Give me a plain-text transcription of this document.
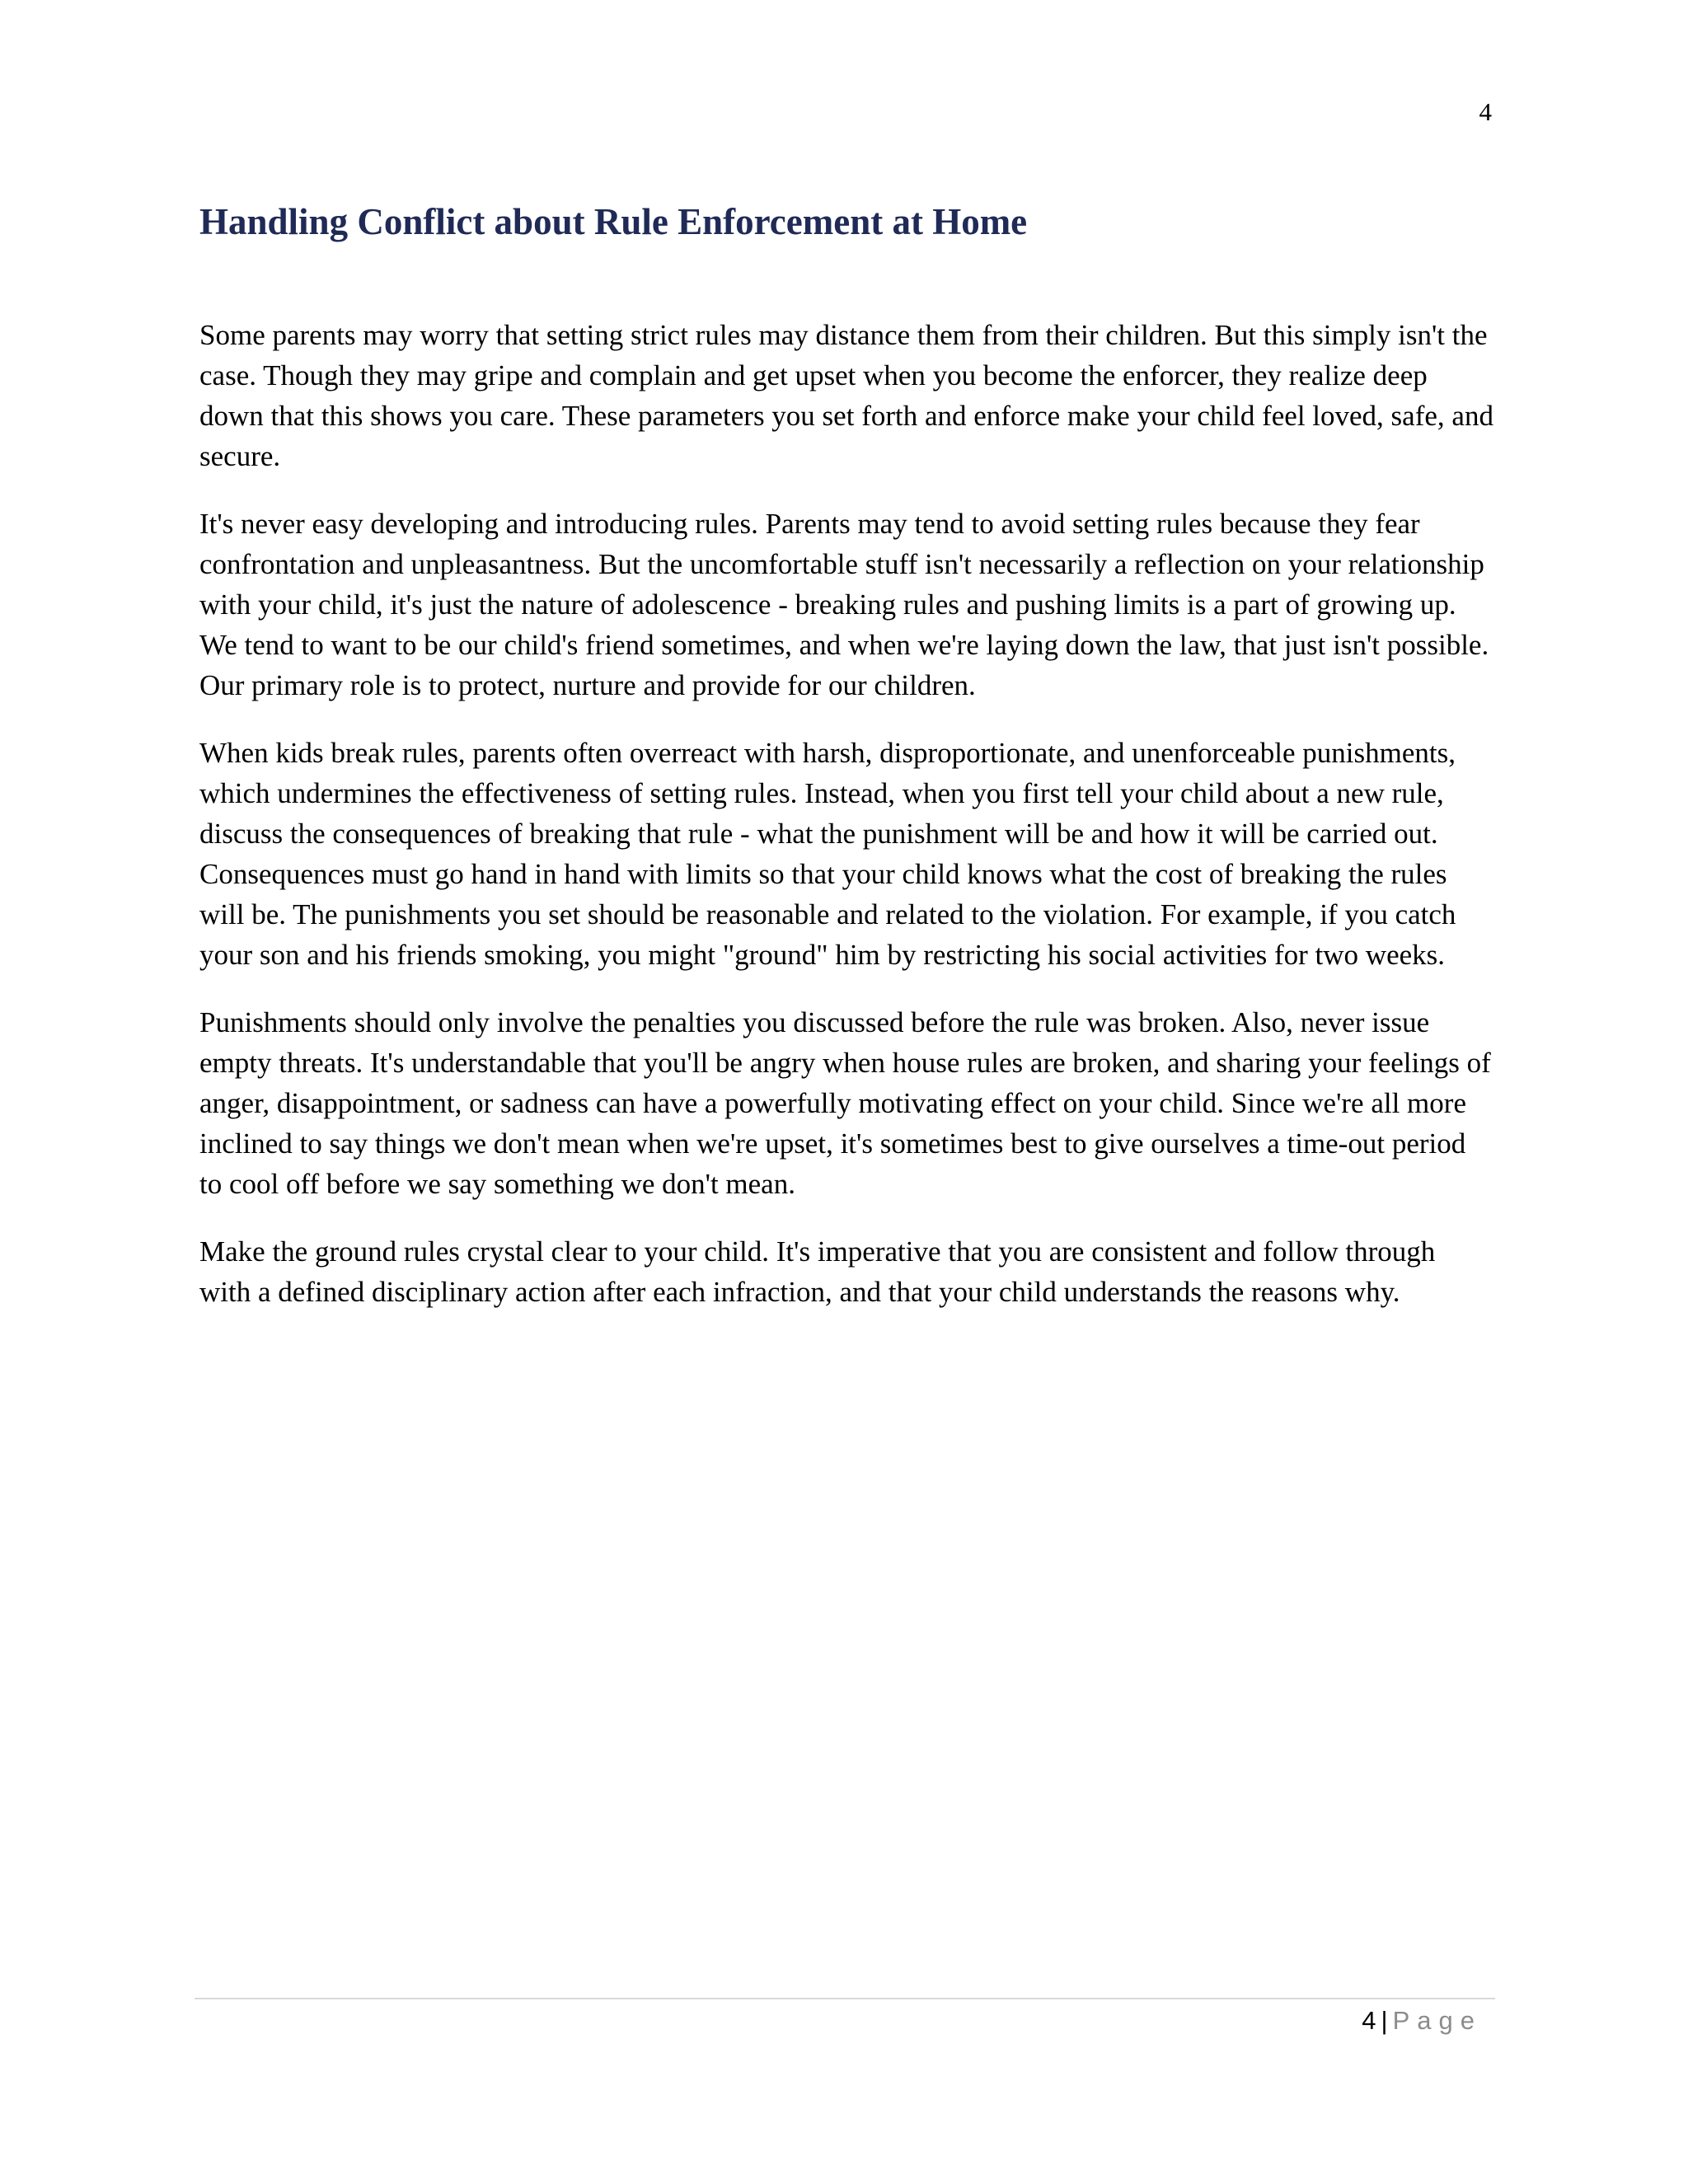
4
Handling Conflict about Rule Enforcement at Home

Some parents may worry that setting strict rules may distance them from their children. But this simply isn't the case. Though they may gripe and complain and get upset when you become the enforcer, they realize deep down that this shows you care. These parameters you set forth and enforce make your child feel loved, safe, and secure.

It's never easy developing and introducing rules. Parents may tend to avoid setting rules because they fear confrontation and unpleasantness. But the uncomfortable stuff isn't necessarily a reflection on your relationship with your child, it's just the nature of adolescence - breaking rules and pushing limits is a part of growing up. We tend to want to be our child's friend sometimes, and when we're laying down the law, that just isn't possible. Our primary role is to protect, nurture and provide for our children.

When kids break rules, parents often overreact with harsh, disproportionate, and unenforceable punishments, which undermines the effectiveness of setting rules. Instead, when you first tell your child about a new rule, discuss the consequences of breaking that rule - what the punishment will be and how it will be carried out. Consequences must go hand in hand with limits so that your child knows what the cost of breaking the rules will be. The punishments you set should be reasonable and related to the violation. For example, if you catch your son and his friends smoking, you might "ground" him by restricting his social activities for two weeks.

Punishments should only involve the penalties you discussed before the rule was broken. Also, never issue empty threats. It's understandable that you'll be angry when house rules are broken, and sharing your feelings of anger, disappointment, or sadness can have a powerfully motivating effect on your child. Since we're all more inclined to say things we don't mean when we're upset, it's sometimes best to give ourselves a time-out period to cool off before we say something we don't mean.

Make the ground rules crystal clear to your child. It's imperative that you are consistent and follow through with a defined disciplinary action after each infraction, and that your child understands the reasons why.

4 | Page
